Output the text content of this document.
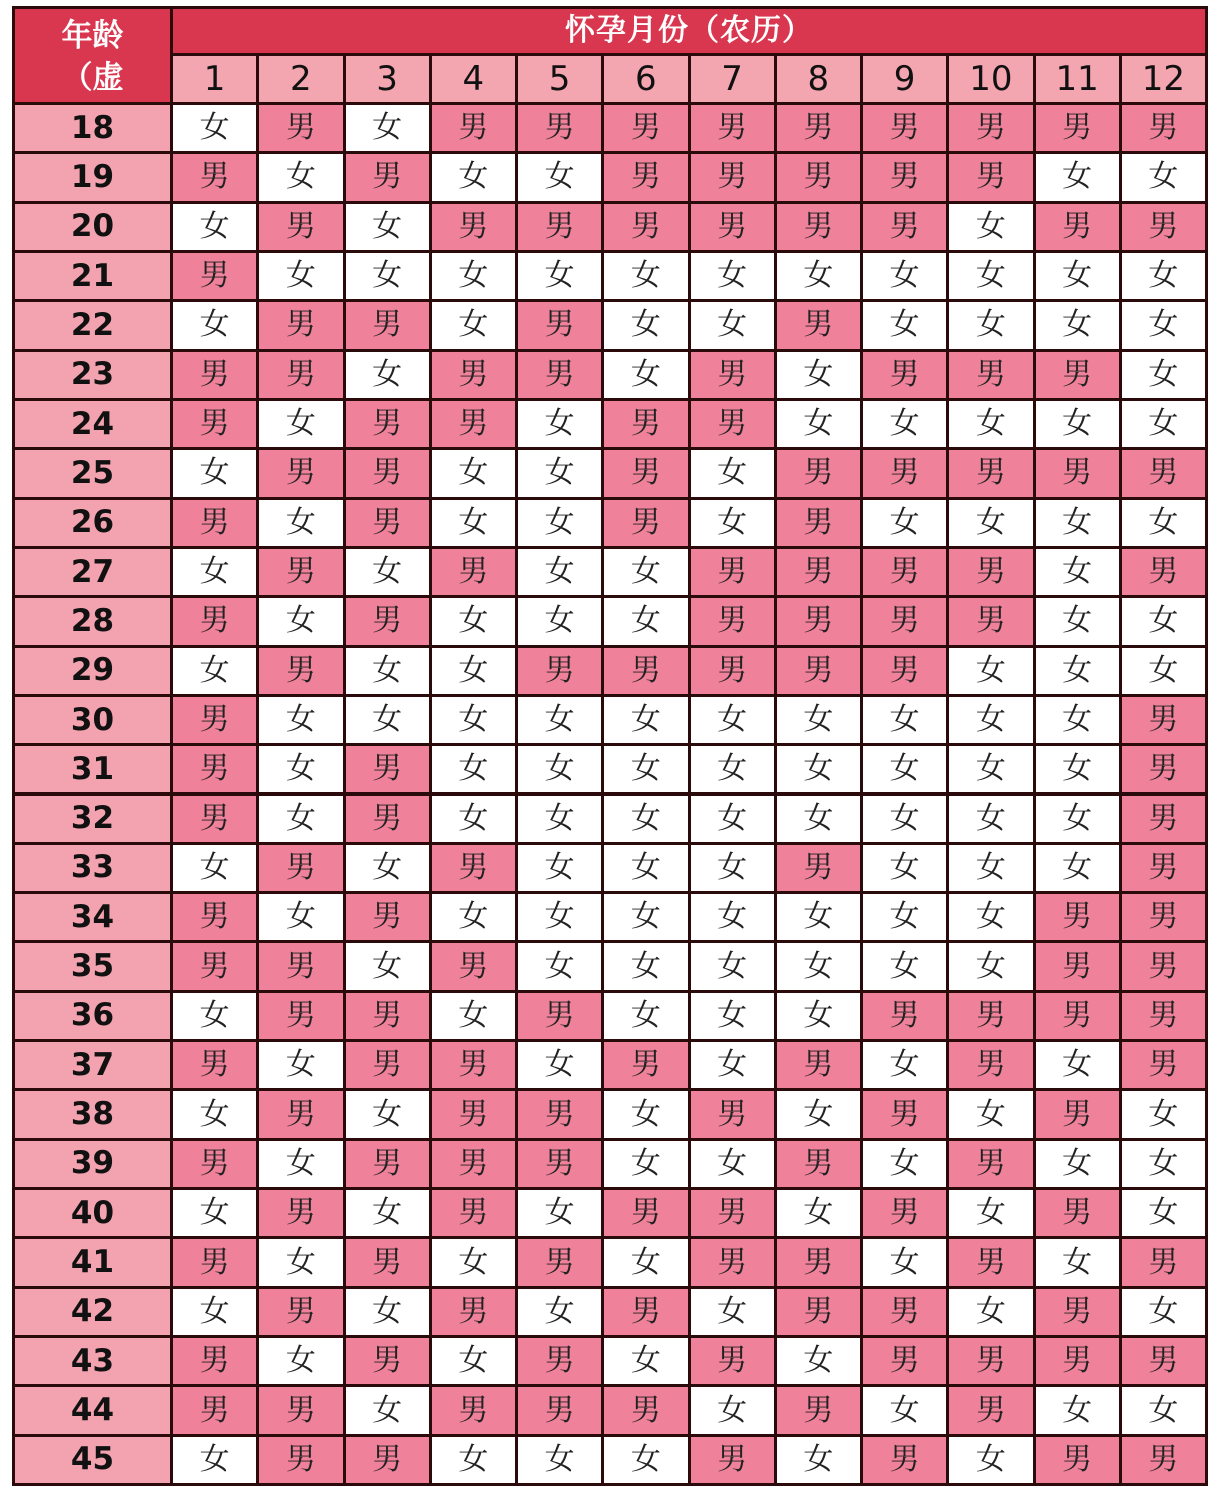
年龄
（虚
怀孕月份（农历）
1	2	3	4	5	6	7	8	9	10	11	12
18	女	男	女	男	男	男	男	男	男	男	男	男
19	男	女	男	女	女	男	男	男	男	男	女	女
20	女	男	女	男	男	男	男	男	男	女	男	男
21	男	女	女	女	女	女	女	女	女	女	女	女
22	女	男	男	女	男	女	女	男	女	女	女	女
23	男	男	女	男	男	女	男	女	男	男	男	女
24	男	女	男	男	女	男	男	女	女	女	女	女
25	女	男	男	女	女	男	女	男	男	男	男	男
26	男	女	男	女	女	男	女	男	女	女	女	女
27	女	男	女	男	女	女	男	男	男	男	女	男
28	男	女	男	女	女	女	男	男	男	男	女	女
29	女	男	女	女	男	男	男	男	男	女	女	女
30	男	女	女	女	女	女	女	女	女	女	女	男
31	男	女	男	女	女	女	女	女	女	女	女	男
32	男	女	男	女	女	女	女	女	女	女	女	男
33	女	男	女	男	女	女	女	男	女	女	女	男
34	男	女	男	女	女	女	女	女	女	女	男	男
35	男	男	女	男	女	女	女	女	女	女	男	男
36	女	男	男	女	男	女	女	女	男	男	男	男
37	男	女	男	男	女	男	女	男	女	男	女	男
38	女	男	女	男	男	女	男	女	男	女	男	女
39	男	女	男	男	男	女	女	男	女	男	女	女
40	女	男	女	男	女	男	男	女	男	女	男	女
41	男	女	男	女	男	女	男	男	女	男	女	男
42	女	男	女	男	女	男	女	男	男	女	男	女
43	男	女	男	女	男	女	男	女	男	男	男	男
44	男	男	女	男	男	男	女	男	女	男	女	女
45	女	男	男	女	女	女	男	女	男	女	男	男
